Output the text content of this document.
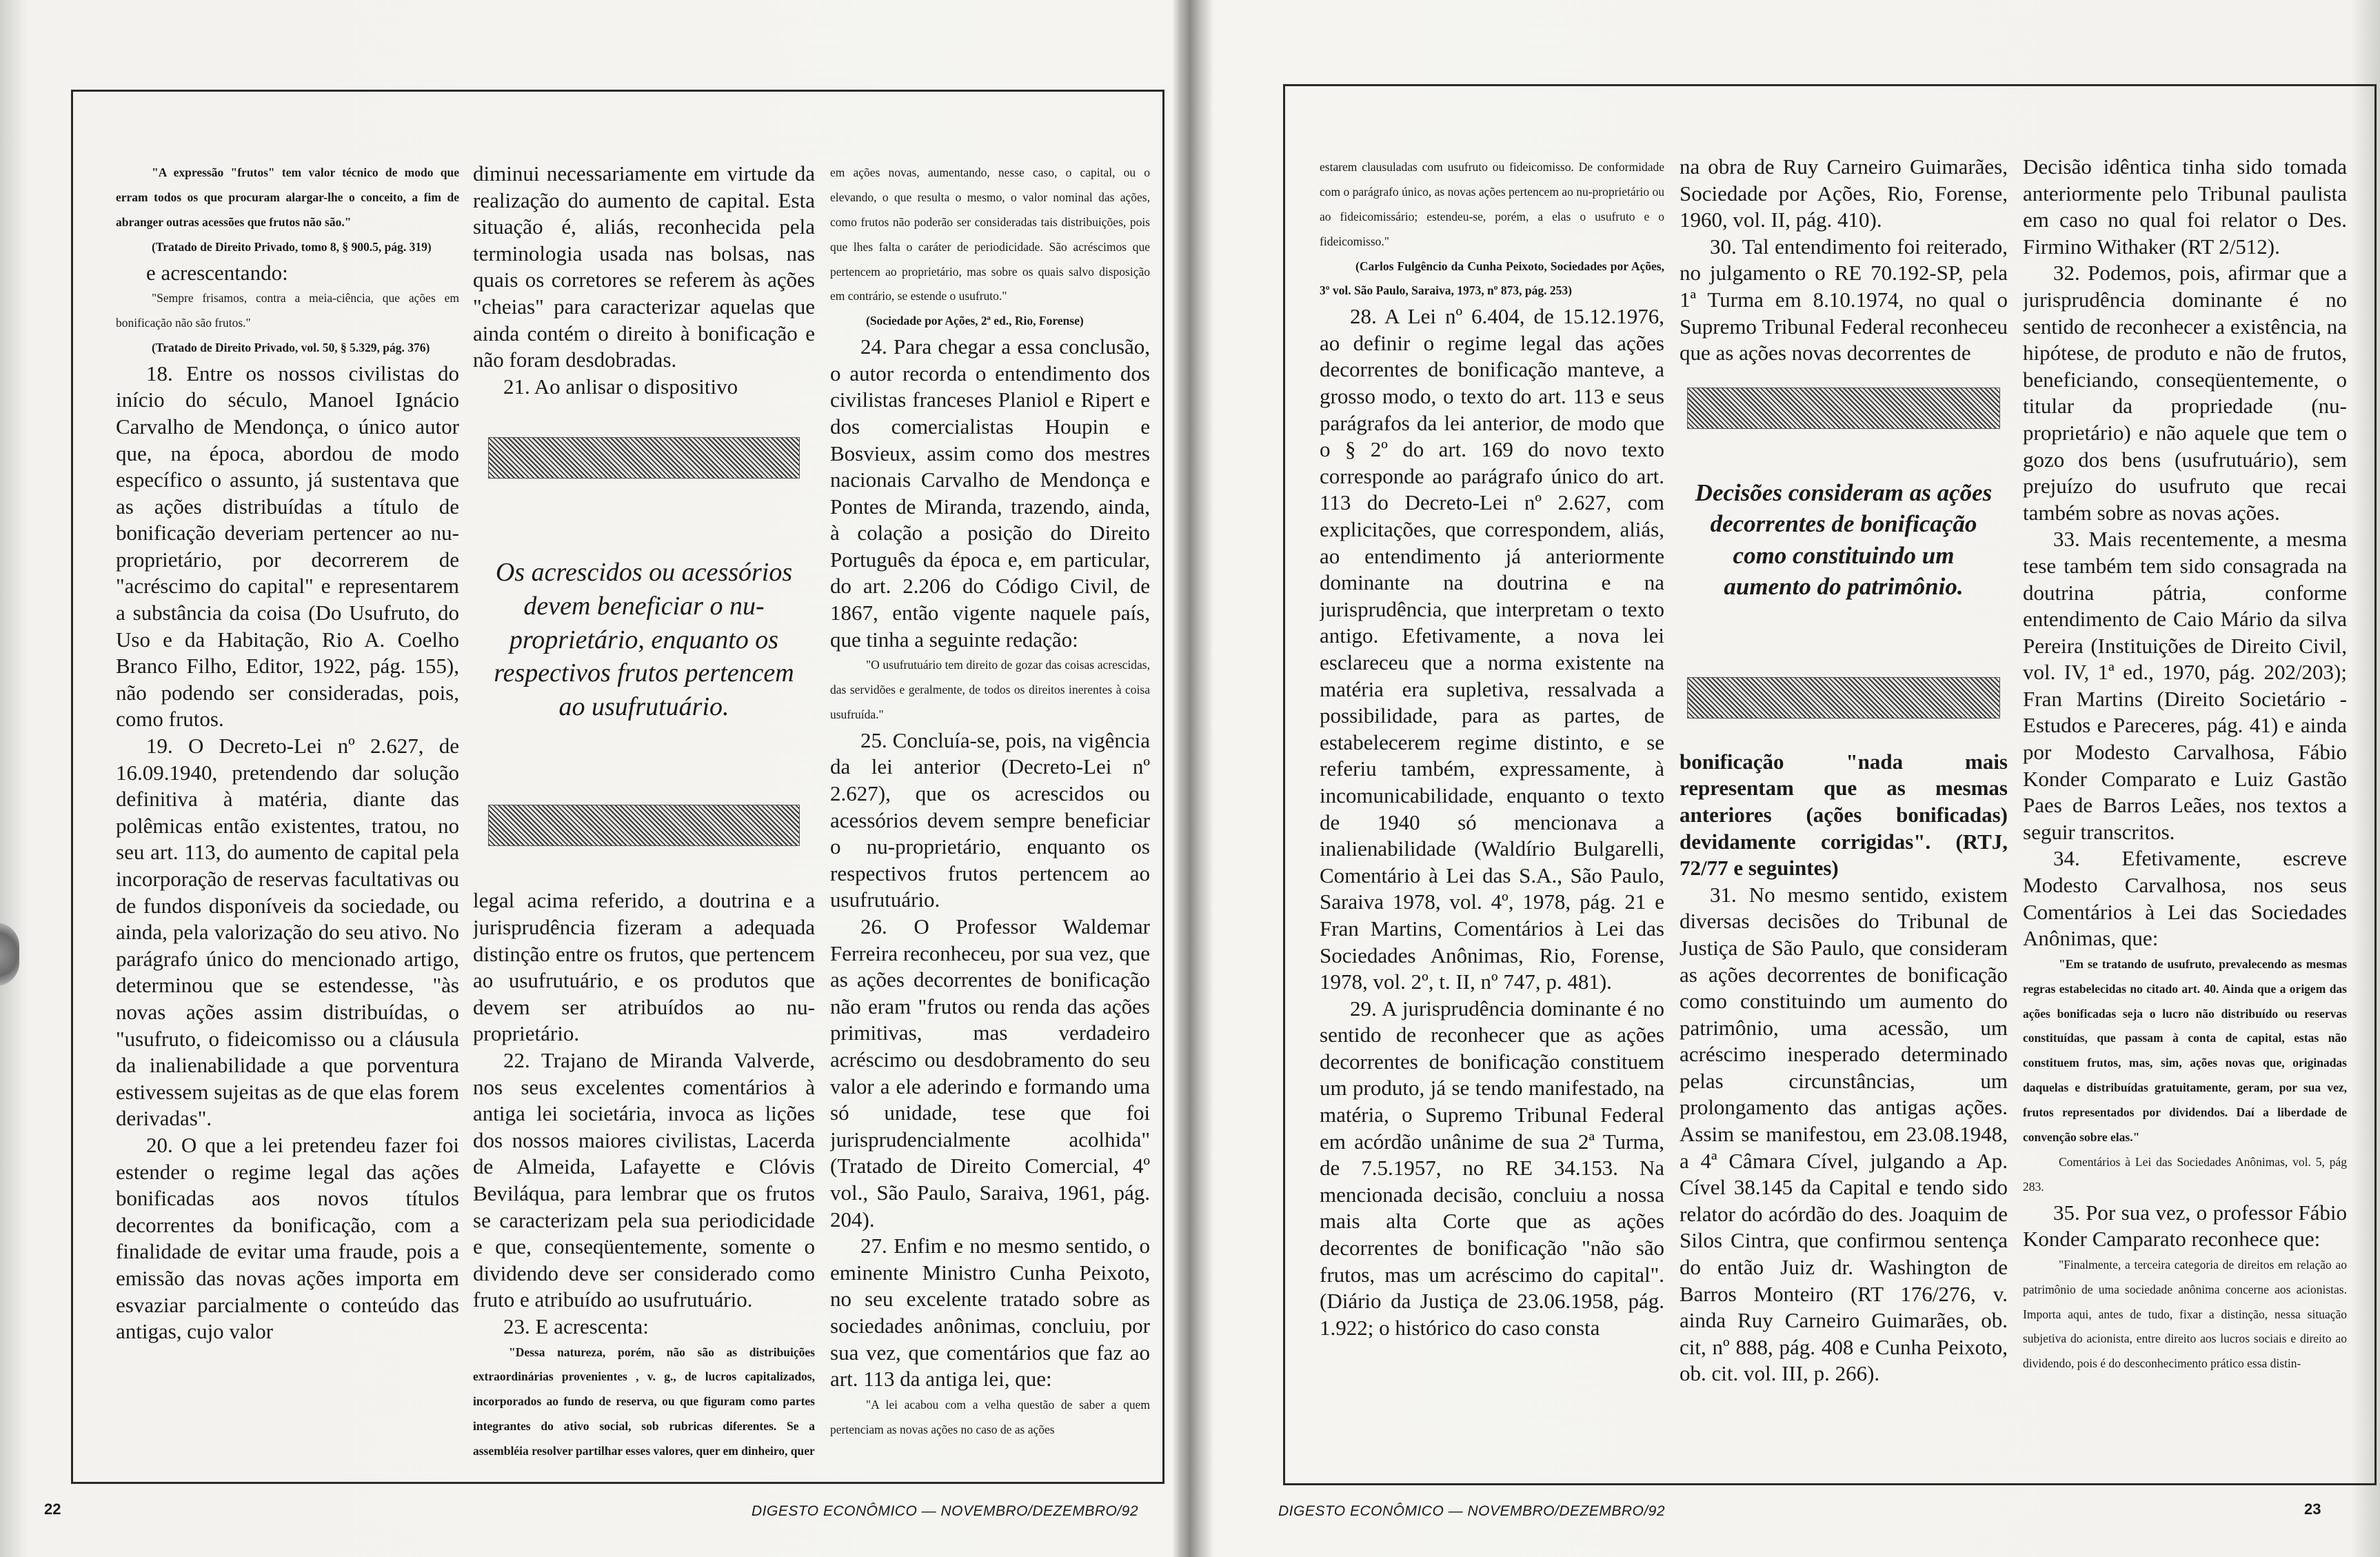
"A expressão "frutos" tem valor técnico de modo que erram todos os que procuram alargar-lhe o conceito, a fim de abranger outras acessões que frutos não são."

(Tratado de Direito Privado, tomo 8, § 900.5, pág. 319)

e acrescentando:

"Sempre frisamos, contra a meia-ciência, que ações em bonificação não são frutos."

(Tratado de Direito Privado, vol. 50, § 5.329, pág. 376)

18. Entre os nossos civilistas do início do século, Manoel Ignácio Carvalho de Mendonça, o único autor que, na época, abordou de modo específico o assunto, já sustentava que as ações distribuídas a título de bonificação deveriam pertencer ao nu-proprietário, por decorrerem de "acréscimo do capital" e representarem a substância da coisa (Do Usufruto, do Uso e da Habitação, Rio A. Coelho Branco Filho, Editor, 1922, pág. 155), não podendo ser consideradas, pois, como frutos.

19. O Decreto-Lei nº 2.627, de 16.09.1940, pretendendo dar solução definitiva à matéria, diante das polêmicas então existentes, tratou, no seu art. 113, do aumento de capital pela incorporação de reservas facultativas ou de fundos disponíveis da sociedade, ou ainda, pela valorização do seu ativo. No parágrafo único do mencionado artigo, determinou que se estendesse, "às novas ações assim distribuídas, o "usufruto, o fideicomisso ou a cláusula da inalienabilidade a que porventura estivessem sujeitas as de que elas forem derivadas".

20. O que a lei pretendeu fazer foi estender o regime legal das ações bonificadas aos novos títulos decorrentes da bonificação, com a finalidade de evitar uma fraude, pois a emissão das novas ações importa em esvaziar parcialmente o conteúdo das antigas, cujo valor

diminui necessariamente em virtude da realização do aumento de capital. Esta situação é, aliás, reconhecida pela terminologia usada nas bolsas, nas quais os corretores se referem às ações "cheias" para caracterizar aquelas que ainda contém o direito à bonificação e não foram desdobradas.

21. Ao anlisar o dispositivo

Os acrescidos ou acessórios devem beneficiar o nu-proprietário, enquanto os respectivos frutos pertencem ao usufrutuário.

legal acima referido, a doutrina e a jurisprudência fizeram a adequada distinção entre os frutos, que pertencem ao usufrutuário, e os produtos que devem ser atribuídos ao nu-proprietário.

22. Trajano de Miranda Valverde, nos seus excelentes comentários à antiga lei societária, invoca as lições dos nossos maiores civilistas, Lacerda de Almeida, Lafayette e Clóvis Beviláqua, para lembrar que os frutos se caracterizam pela sua periodicidade e que, conseqüentemente, somente o dividendo deve ser considerado como fruto e atribuído ao usufrutuário.

23. E acrescenta:

"Dessa natureza, porém, não são as distribuições extraordinárias provenientes , v. g., de lucros capitalizados, incorporados ao fundo de reserva, ou que figuram como partes integrantes do ativo social, sob rubricas diferentes. Se a assembléia resolver partilhar esses valores, quer em dinheiro, quer

em ações novas, aumentando, nesse caso, o capital, ou o elevando, o que resulta o mesmo, o valor nominal das ações, como frutos não poderão ser consideradas tais distribuições, pois que lhes falta o caráter de periodicidade. São acréscimos que pertencem ao proprietário, mas sobre os quais salvo disposição em contrário, se estende o usufruto."

(Sociedade por Ações, 2ª ed., Rio, Forense)

24. Para chegar a essa conclusão, o autor recorda o entendimento dos civilistas franceses Planiol e Ripert e dos comercialistas Houpin e Bosvieux, assim como dos mestres nacionais Carvalho de Mendonça e Pontes de Miranda, trazendo, ainda, à colação a posição do Direito Português da época e, em particular, do art. 2.206 do Código Civil, de 1867, então vigente naquele país, que tinha a seguinte redação:

"O usufrutuário tem direito de gozar das coisas acrescidas, das servidões e geralmente, de todos os direitos inerentes à coisa usufruída."

25. Concluía-se, pois, na vigência da lei anterior (Decreto-Lei nº 2.627), que os acrescidos ou acessórios devem sempre beneficiar o nu-proprietário, enquanto os respectivos frutos pertencem ao usufrutuário.

26. O Professor Waldemar Ferreira reconheceu, por sua vez, que as ações decorrentes de bonificação não eram "frutos ou renda das ações primitivas, mas verdadeiro acréscimo ou desdobramento do seu valor a ele aderindo e formando uma só unidade, tese que foi jurisprudencialmente acolhida" (Tratado de Direito Comercial, 4º vol., São Paulo, Saraiva, 1961, pág. 204).

27. Enfim e no mesmo sentido, o eminente Ministro Cunha Peixoto, no seu excelente tratado sobre as sociedades anônimas, concluiu, por sua vez, que comentários que faz ao art. 113 da antiga lei, que:

"A lei acabou com a velha questão de saber a quem pertenciam as novas ações no caso de as ações

22	DIGESTO ECONÔMICO — NOVEMBRO/DEZEMBRO/92

estarem clausuladas com usufruto ou fideicomisso. De conformidade com o parágrafo único, as novas ações pertencem ao nu-proprietário ou ao fideicomissário; estendeu-se, porém, a elas o usufruto e o fideicomisso."

(Carlos Fulgêncio da Cunha Peixoto, Sociedades por Ações, 3º vol. São Paulo, Saraiva, 1973, nº 873, pág. 253)

28. A Lei nº 6.404, de 15.12.1976, ao definir o regime legal das ações decorrentes de bonificação manteve, a grosso modo, o texto do art. 113 e seus parágrafos da lei anterior, de modo que o § 2º do art. 169 do novo texto corresponde ao parágrafo único do art. 113 do Decreto-Lei nº 2.627, com explicitações, que correspondem, aliás, ao entendimento já anteriormente dominante na doutrina e na jurisprudência, que interpretam o texto antigo. Efetivamente, a nova lei esclareceu que a norma existente na matéria era supletiva, ressalvada a possibilidade, para as partes, de estabelecerem regime distinto, e se referiu também, expressamente, à incomunicabilidade, enquanto o texto de 1940 só mencionava a inalienabilidade (Waldírio Bulgarelli, Comentário à Lei das S.A., São Paulo, Saraiva 1978, vol. 4º, 1978, pág. 21 e Fran Martins, Comentários à Lei das Sociedades Anônimas, Rio, Forense, 1978, vol. 2º, t. II, nº 747, p. 481).

29. A jurisprudência dominante é no sentido de reconhecer que as ações decorrentes de bonificação constituem um produto, já se tendo manifestado, na matéria, o Supremo Tribunal Federal em acórdão unânime de sua 2ª Turma, de 7.5.1957, no RE 34.153. Na mencionada decisão, concluiu a nossa mais alta Corte que as ações decorrentes de bonificação "não são frutos, mas um acréscimo do capital". (Diário da Justiça de 23.06.1958, pág. 1.922; o histórico do caso consta

na obra de Ruy Carneiro Guimarães, Sociedade por Ações, Rio, Forense, 1960, vol. II, pág. 410).

30. Tal entendimento foi reiterado, no julgamento o RE 70.192-SP, pela 1ª Turma em 8.10.1974, no qual o Supremo Tribunal Federal reconheceu que as ações novas decorrentes de

Decisões consideram as ações decorrentes de bonificação como constituindo um aumento do patrimônio.

bonificação "nada mais representam que as mesmas anteriores (ações bonificadas) devidamente corrigidas". (RTJ, 72/77 e seguintes)

31. No mesmo sentido, existem diversas decisões do Tribunal de Justiça de São Paulo, que consideram as ações decorrentes de bonificação como constituindo um aumento do patrimônio, uma acessão, um acréscimo inesperado determinado pelas circunstâncias, um prolongamento das antigas ações. Assim se manifestou, em 23.08.1948, a 4ª Câmara Cível, julgando a Ap. Cível 38.145 da Capital e tendo sido relator do acórdão do des. Joaquim de Silos Cintra, que confirmou sentença do então Juiz dr. Washington de Barros Monteiro (RT 176/276, v. ainda Ruy Carneiro Guimarães, ob. cit, nº 888, pág. 408 e Cunha Peixoto, ob. cit. vol. III, p. 266).

Decisão idêntica tinha sido tomada anteriormente pelo Tribunal paulista em caso no qual foi relator o Des. Firmino Withaker (RT 2/512).

32. Podemos, pois, afirmar que a jurisprudência dominante é no sentido de reconhecer a existência, na hipótese, de produto e não de frutos, beneficiando, conseqüentemente, o titular da propriedade (nu-proprietário) e não aquele que tem o gozo dos bens (usufrutuário), sem prejuízo do usufruto que recai também sobre as novas ações.

33. Mais recentemente, a mesma tese também tem sido consagrada na doutrina pátria, conforme entendimento de Caio Mário da silva Pereira (Instituições de Direito Civil, vol. IV, 1ª ed., 1970, pág. 202/203); Fran Martins (Direito Societário - Estudos e Pareceres, pág. 41) e ainda por Modesto Carvalhosa, Fábio Konder Comparato e Luiz Gastão Paes de Barros Leães, nos textos a seguir transcritos.

34. Efetivamente, escreve Modesto Carvalhosa, nos seus Comentários à Lei das Sociedades Anônimas, que:

"Em se tratando de usufruto, prevalecendo as mesmas regras estabelecidas no citado art. 40. Ainda que a origem das ações bonificadas seja o lucro não distribuído ou reservas constituídas, que passam à conta de capital, estas não constituem frutos, mas, sim, ações novas que, originadas daquelas e distribuídas gratuitamente, geram, por sua vez, frutos representados por dividendos. Daí a liberdade de convenção sobre elas."

Comentários à Lei das Sociedades Anônimas, vol. 5, pág 283.

35. Por sua vez, o professor Fábio Konder Camparato reconhece que:

"Finalmente, a terceira categoria de direitos em relação ao patrimônio de uma sociedade anônima concerne aos acionistas. Importa aqui, antes de tudo, fixar a distinção, nessa situação subjetiva do acionista, entre direito aos lucros sociais e direito ao dividendo, pois é do desconhecimento prático essa distin-

DIGESTO ECONÔMICO — NOVEMBRO/DEZEMBRO/92	23
